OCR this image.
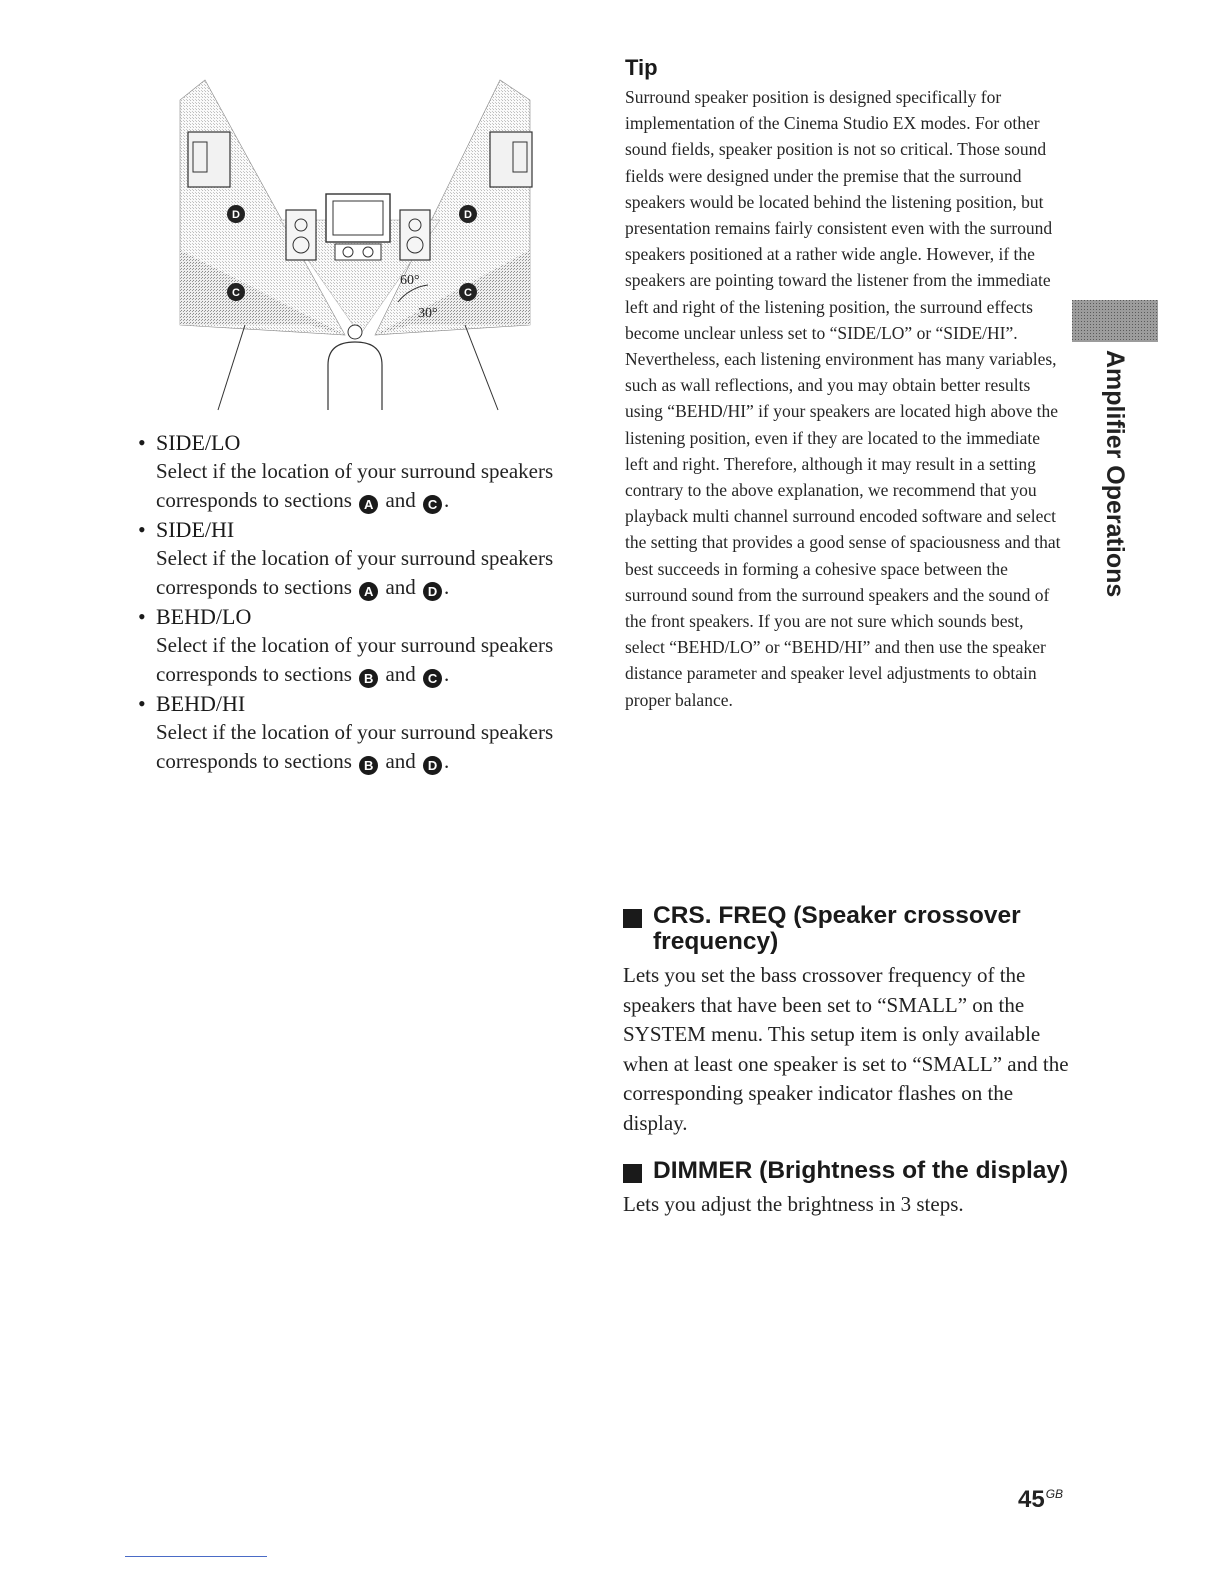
D	D
C	C
60°
30°
• SIDE/LO
Select if the location of your surround speakers corresponds to sections A and C .
• SIDE/HI
Select if the location of your surround speakers corresponds to sections A and D .
• BEHD/LO
Select if the location of your surround speakers corresponds to sections B and C .
• BEHD/HI
Select if the location of your surround speakers corresponds to sections B and D .
Tip

Surround speaker position is designed specifically for implementation of the Cinema Studio EX modes. For other sound fields, speaker position is not so critical. Those sound fields were designed under the premise that the surround speakers would be located behind the listening position, but presentation remains fairly consistent even with the surround speakers positioned at a rather wide angle. However, if the speakers are pointing toward the listener from the immediate left and right of the listening position, the surround effects become unclear unless set to “SIDE/LO” or “SIDE/HI”. Nevertheless, each listening environment has many variables, such as wall reflections, and you may obtain better results using “BEHD/HI” if your speakers are located high above the listening position, even if they are located to the immediate left and right. Therefore, although it may result in a setting contrary to the above explanation, we recommend that you playback multi channel surround encoded software and select the setting that provides a good sense of spaciousness and that best succeeds in forming a cohesive space between the surround sound from the surround speakers and the sound of the front speakers. If you are not sure which sounds best, select “BEHD/LO” or “BEHD/HI” and then use the speaker distance parameter and speaker level adjustments to obtain proper balance.

CRS. FREQ (Speaker crossover frequency)

Lets you set the bass crossover frequency of the speakers that have been set to “SMALL” on the SYSTEM menu. This setup item is only available when at least one speaker is set to “SMALL” and the corresponding speaker indicator flashes on the display.

DIMMER (Brightness of the display)

Lets you adjust the brightness in 3 steps.

Amplifier Operations
$45^{GB}$
